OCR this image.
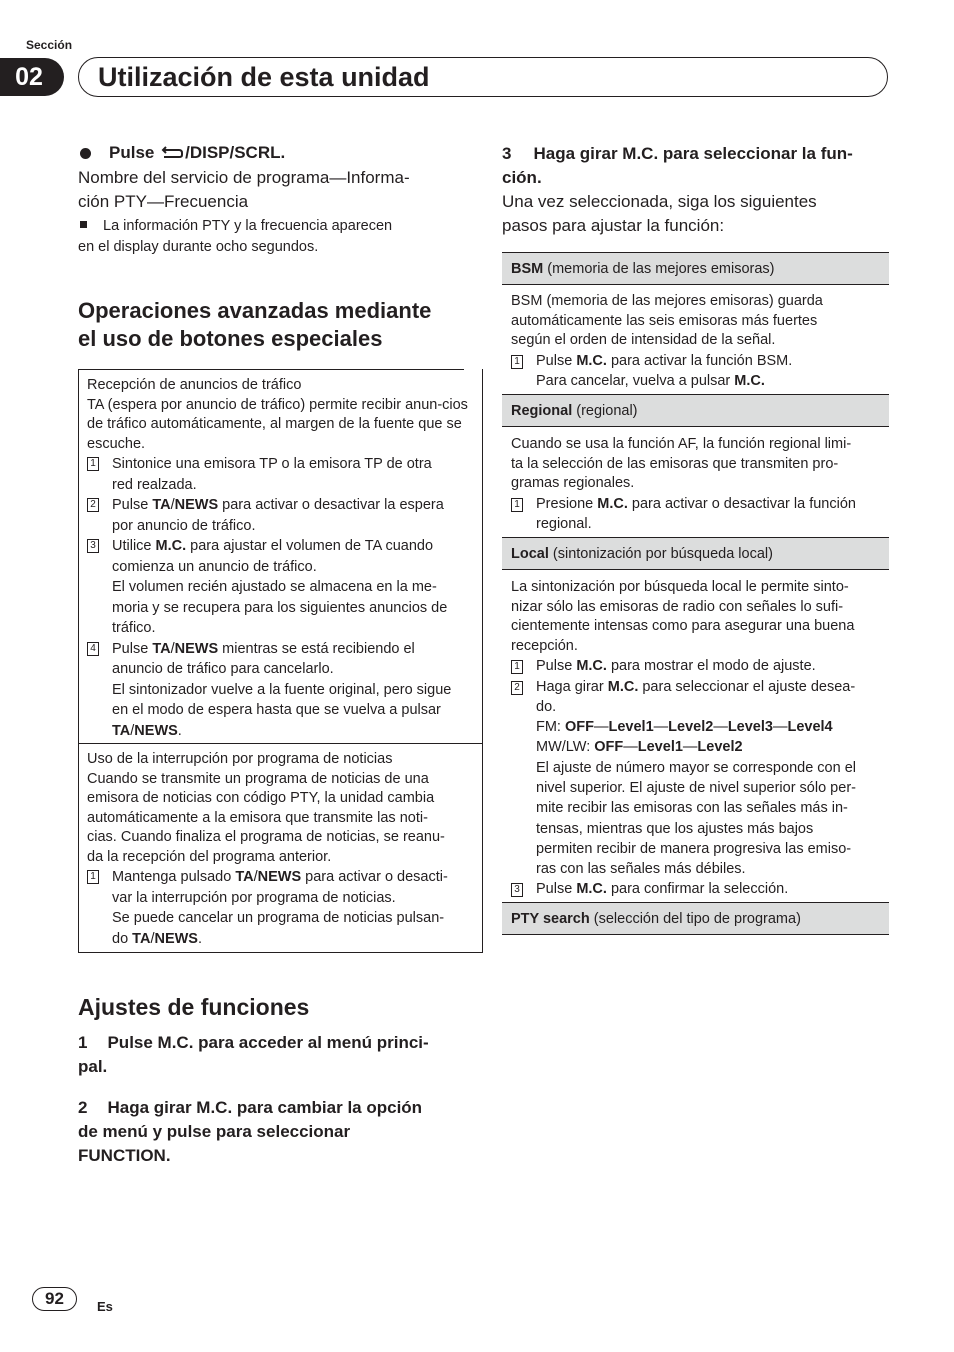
Sección
02	Utilización de esta unidad
Pulse /DISP/SCRL.
Nombre del servicio de programa—Informa-
ción PTY—Frecuencia
La información PTY y la frecuencia aparecen
en el display durante ocho segundos.
Operaciones avanzadas mediante
el uso de botones especiales
Recepción de anuncios de tráfico
TA (espera por anuncio de tráfico) permite recibir anun-cios de tráfico automáticamente, al margen de la fuente que se escuche.
1	Sintonice una emisora TP o la emisora TP de otra
red realzada.
2	Pulse TA/NEWS para activar o desactivar la espera
por anuncio de tráfico.
3	Utilice M.C. para ajustar el volumen de TA cuando
comienza un anuncio de tráfico.
El volumen recién ajustado se almacena en la me-
moria y se recupera para los siguientes anuncios de
tráfico.
4	Pulse TA/NEWS mientras se está recibiendo el
anuncio de tráfico para cancelarlo.
El sintonizador vuelve a la fuente original, pero sigue
en el modo de espera hasta que se vuelva a pulsar
TA/NEWS.
Uso de la interrupción por programa de noticias
Cuando se transmite un programa de noticias de una
emisora de noticias con código PTY, la unidad cambia
automáticamente a la emisora que transmite las noti-
cias. Cuando finaliza el programa de noticias, se reanu-
da la recepción del programa anterior.
1	Mantenga pulsado TA/NEWS para activar o desacti-
var la interrupción por programa de noticias.
Se puede cancelar un programa de noticias pulsan-
do TA/NEWS.
Ajustes de funciones
1 Pulse M.C. para acceder al menú princi-
pal.
2 Haga girar M.C. para cambiar la opción
de menú y pulse para seleccionar
FUNCTION.
3 Haga girar M.C. para seleccionar la fun-
ción.
Una vez seleccionada, siga los siguientes
pasos para ajustar la función:
BSM (memoria de las mejores emisoras)
BSM (memoria de las mejores emisoras) guarda
automáticamente las seis emisoras más fuertes
según el orden de intensidad de la señal.
1	Pulse M.C. para activar la función BSM.
Para cancelar, vuelva a pulsar M.C.
Regional (regional)
Cuando se usa la función AF, la función regional limi-
ta la selección de las emisoras que transmiten pro-
gramas regionales.
1	Presione M.C. para activar o desactivar la función
regional.
Local (sintonización por búsqueda local)
La sintonización por búsqueda local le permite sinto-
nizar sólo las emisoras de radio con señales lo sufi-
cientemente intensas como para asegurar una buena
recepción.
1	Pulse M.C. para mostrar el modo de ajuste.
2	Haga girar M.C. para seleccionar el ajuste desea-
do.
FM: OFF—Level1—Level2—Level3—Level4
MW/LW: OFF—Level1—Level2
El ajuste de número mayor se corresponde con el
nivel superior. El ajuste de nivel superior sólo per-
mite recibir las emisoras con las señales más in-
tensas, mientras que los ajustes más bajos
permiten recibir de manera progresiva las emiso-
ras con las señales más débiles.
3	Pulse M.C. para confirmar la selección.
PTY search (selección del tipo de programa)
92	Es
